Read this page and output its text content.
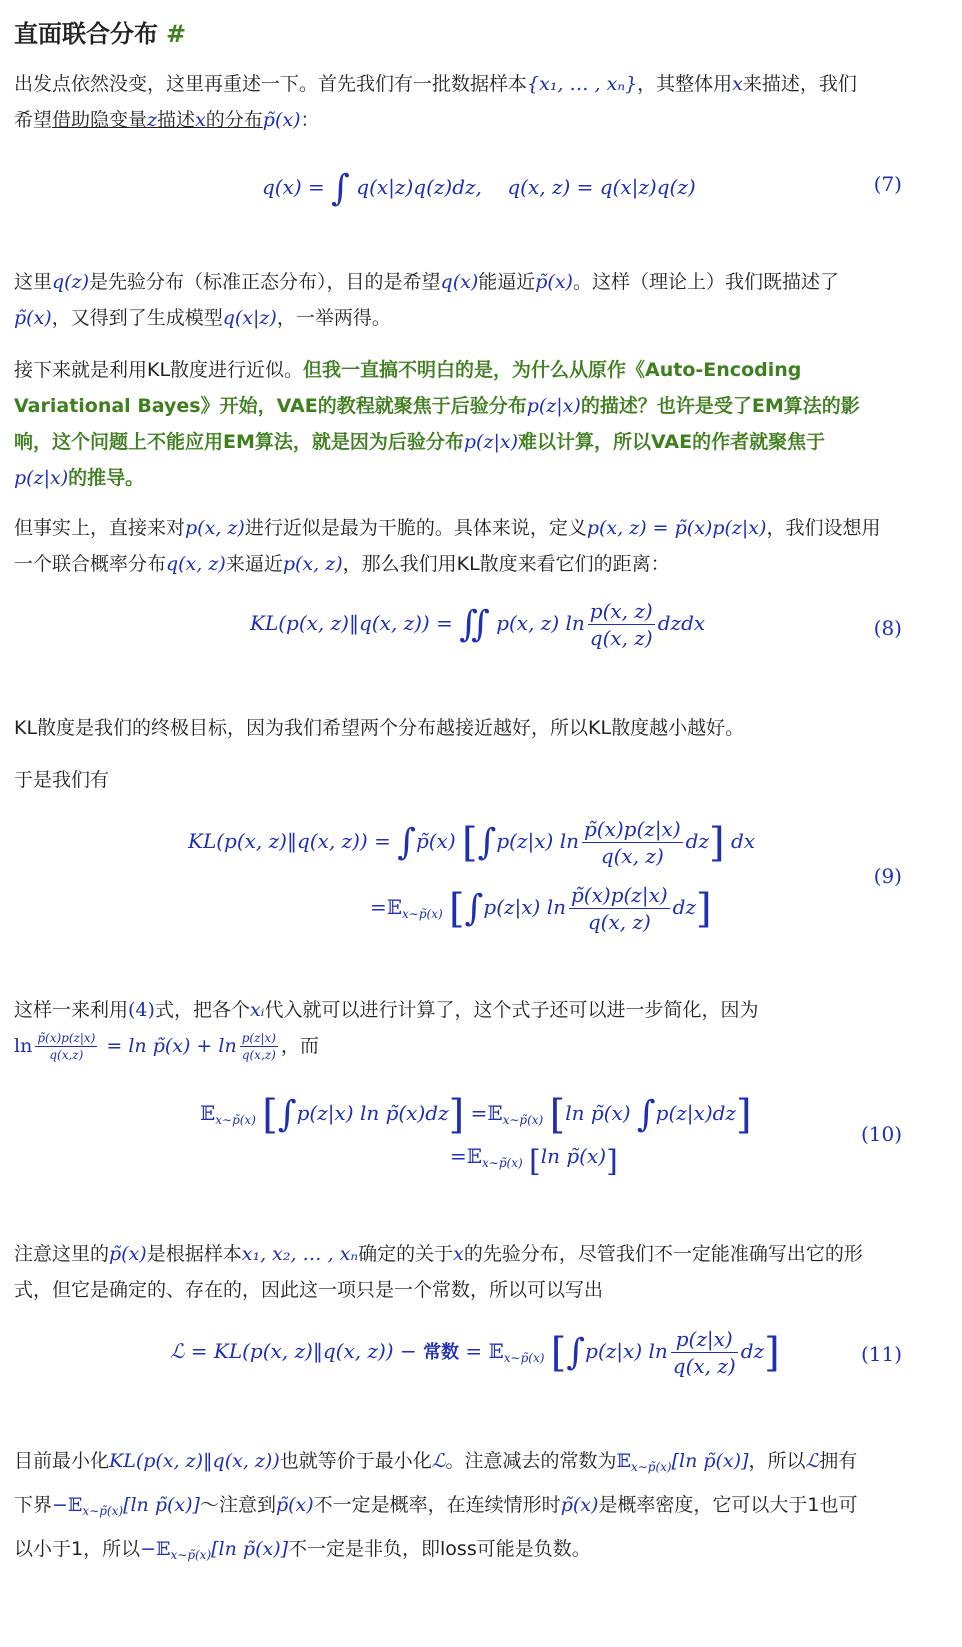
直面联合分布 #
出发点依然没变，这里再重述一下。首先我们有一批数据样本{x₁, … , xₙ}，其整体用x来描述，我们
希望借助隐变量z描述x的分布p̃(x)：
q(x) = ∫ q(x|z)q(z)dz, q(x, z) = q(x|z)q(z)	(7)
这里q(z)是先验分布（标准正态分布），目的是希望q(x)能逼近p̃(x)。这样（理论上）我们既描述了
p̃(x)，又得到了生成模型q(x|z)，一举两得。
接下来就是利用KL散度进行近似。但我一直搞不明白的是，为什么从原作《Auto-Encoding
Variational Bayes》开始，VAE的教程就聚焦于后验分布p(z|x)的描述？也许是受了EM算法的影
响，这个问题上不能应用EM算法，就是因为后验分布p(z|x)难以计算，所以VAE的作者就聚焦于
p(z|x)的推导。
但事实上，直接来对p(x, z)进行近似是最为干脆的。具体来说，定义p(x, z) = p̃(x)p(z|x)，我们设想用
一个联合概率分布q(x, z)来逼近p(x, z)，那么我们用KL散度来看它们的距离：
KL(p(x, z)‖q(x, z)) = ∬ p(x, z) $\ln \frac{p(x, z)}{q(x, z)}$ dzdx	(8)
KL散度是我们的终极目标，因为我们希望两个分布越接近越好，所以KL散度越小越好。
于是我们有
KL(p(x, z)‖q(x, z)) = ∫p̃(x) [∫p(z|x) $\ln \frac{p̃(x)p(z|x)}{q(x, z)} dz$] dx
=𝔼$_{x\sim p̃(x)}$ [∫p(z|x) $\ln \frac{p̃(x)p(z|x)}{q(x, z)} dz$]
(9)
这样一来利用(4)式，把各个xᵢ代入就可以进行计算了，这个式子还可以进一步简化，因为
$\ln \frac{p̃(x)p(z|x)}{q(x,z)} = \ln$ p̃(x) + $\ln \frac{p(z|x)}{q(x,z)}$ ，而
𝔼$_{x\sim p̃(x)}$ [∫p(z|x) ln p̃(x)dz] =𝔼$_{x\sim p̃(x)}$ [ln p̃(x) ∫p(z|x)dz]
=𝔼$_{x\sim p̃(x)}$ [ln p̃(x)]
(10)
注意这里的p̃(x)是根据样本x₁, x₂, … , xₙ确定的关于x的先验分布，尽管我们不一定能准确写出它的形
式，但它是确定的、存在的，因此这一项只是一个常数，所以可以写出
ℒ = KL(p(x, z)‖q(x, z)) − 常数 = 𝔼$_{x\sim p̃(x)}$ [∫p(z|x) $\ln \frac{p(z|x)}{q(x, z)} dz$]	(11)
目前最小化KL(p(x, z)‖q(x, z))也就等价于最小化ℒ。注意减去的常数为𝔼$_{x\sim p̃(x)}$[ln p̃(x)]，所以ℒ拥有
下界−𝔼$_{x\sim p̃(x)}$[ln p̃(x)]～注意到p̃(x)不一定是概率，在连续情形时p̃(x)是概率密度，它可以大于1也可
以小于1，所以−𝔼$_{x\sim p̃(x)}$[ln p̃(x)]不一定是非负，即loss可能是负数。
